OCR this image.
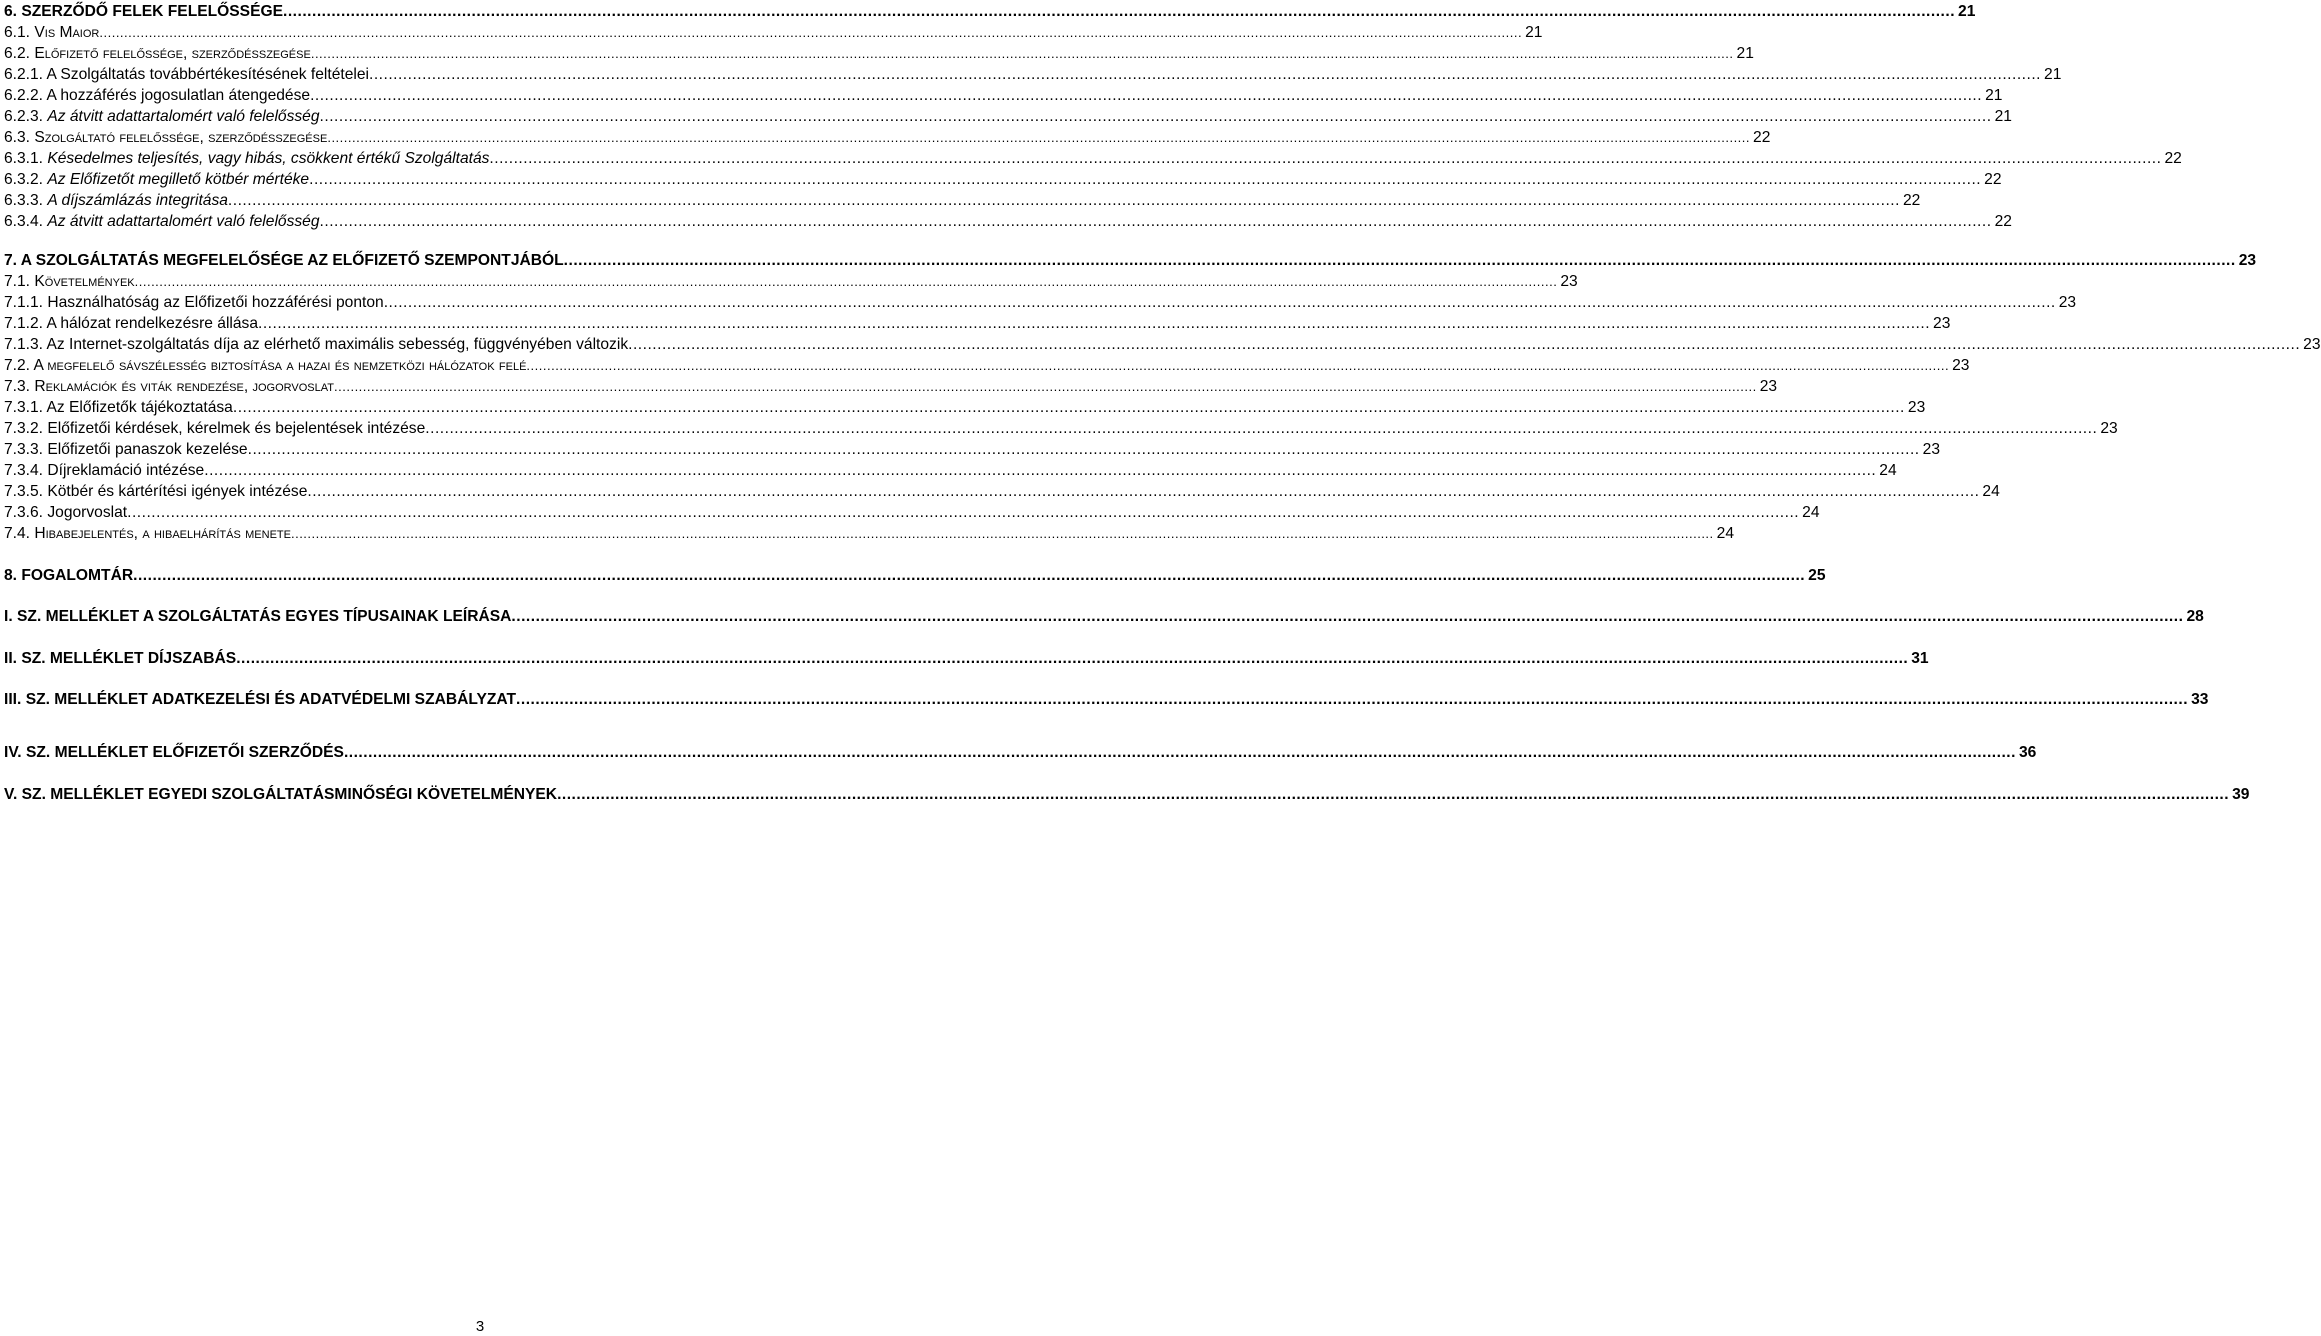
6. SZERZŐDŐ FELEK FELELŐSSÉGE .....	21
6.1. Vis Maior .....	21
6.2. Előfizető felelőssége, szerződésszegése .....	21
6.2.1. A Szolgáltatás továbbértékesítésének feltételei .....	21
6.2.2. A hozzáférés jogosulatlan átengedése .....	21
6.2.3. Az átvitt adattartalomért való felelősség .....	21
6.3. Szolgáltató felelőssége, szerződésszegése .....	22
6.3.1. Késedelmes teljesítés, vagy hibás, csökkent értékű Szolgáltatás .....	22
6.3.2. Az Előfizetőt megillető kötbér mértéke .....	22
6.3.3. A díjszámlázás integritása .....	22
6.3.4. Az átvitt adattartalomért való felelősség .....	22
7. A SZOLGÁLTATÁS MEGFELELŐSÉGE AZ ELŐFIZETŐ SZEMPONTJÁBÓL .....	23
7.1. Követelmények .....	23
7.1.1. Használhatóság az Előfizetői hozzáférési ponton .....	23
7.1.2. A hálózat rendelkezésre állása .....	23
7.1.3. Az Internet-szolgáltatás díja az elérhető maximális sebesség, függvényében változik .....	23
7.2. A megfelelő sávszélesség biztosítása a hazai és nemzetközi hálózatok felé .....	23
7.3. Reklamációk és viták rendezése, jogorvoslat .....	23
7.3.1. Az Előfizetők tájékoztatása .....	23
7.3.2. Előfizetői kérdések, kérelmek és bejelentések intézése .....	23
7.3.3. Előfizetői panaszok kezelése .....	23
7.3.4. Díjreklamáció intézése .....	24
7.3.5. Kötbér és kártérítési igények intézése .....	24
7.3.6. Jogorvoslat .....	24
7.4. Hibabejelentés, a hibaelhárítás menete .....	24
8. FOGALOMTÁR .....	25
I. SZ. MELLÉKLET A SZOLGÁLTATÁS EGYES TÍPUSAINAK LEÍRÁSA .....	28
II. SZ. MELLÉKLET DÍJSZABÁS .....	31
III. SZ. MELLÉKLET ADATKEZELÉSI ÉS ADATVÉDELMI SZABÁLYZAT .....	33
IV. SZ. MELLÉKLET ELŐFIZETŐI SZERZŐDÉS .....	36
V. SZ. MELLÉKLET EGYEDI SZOLGÁLTATÁSMINŐSÉGI KÖVETELMÉNYEK .....	39
3
